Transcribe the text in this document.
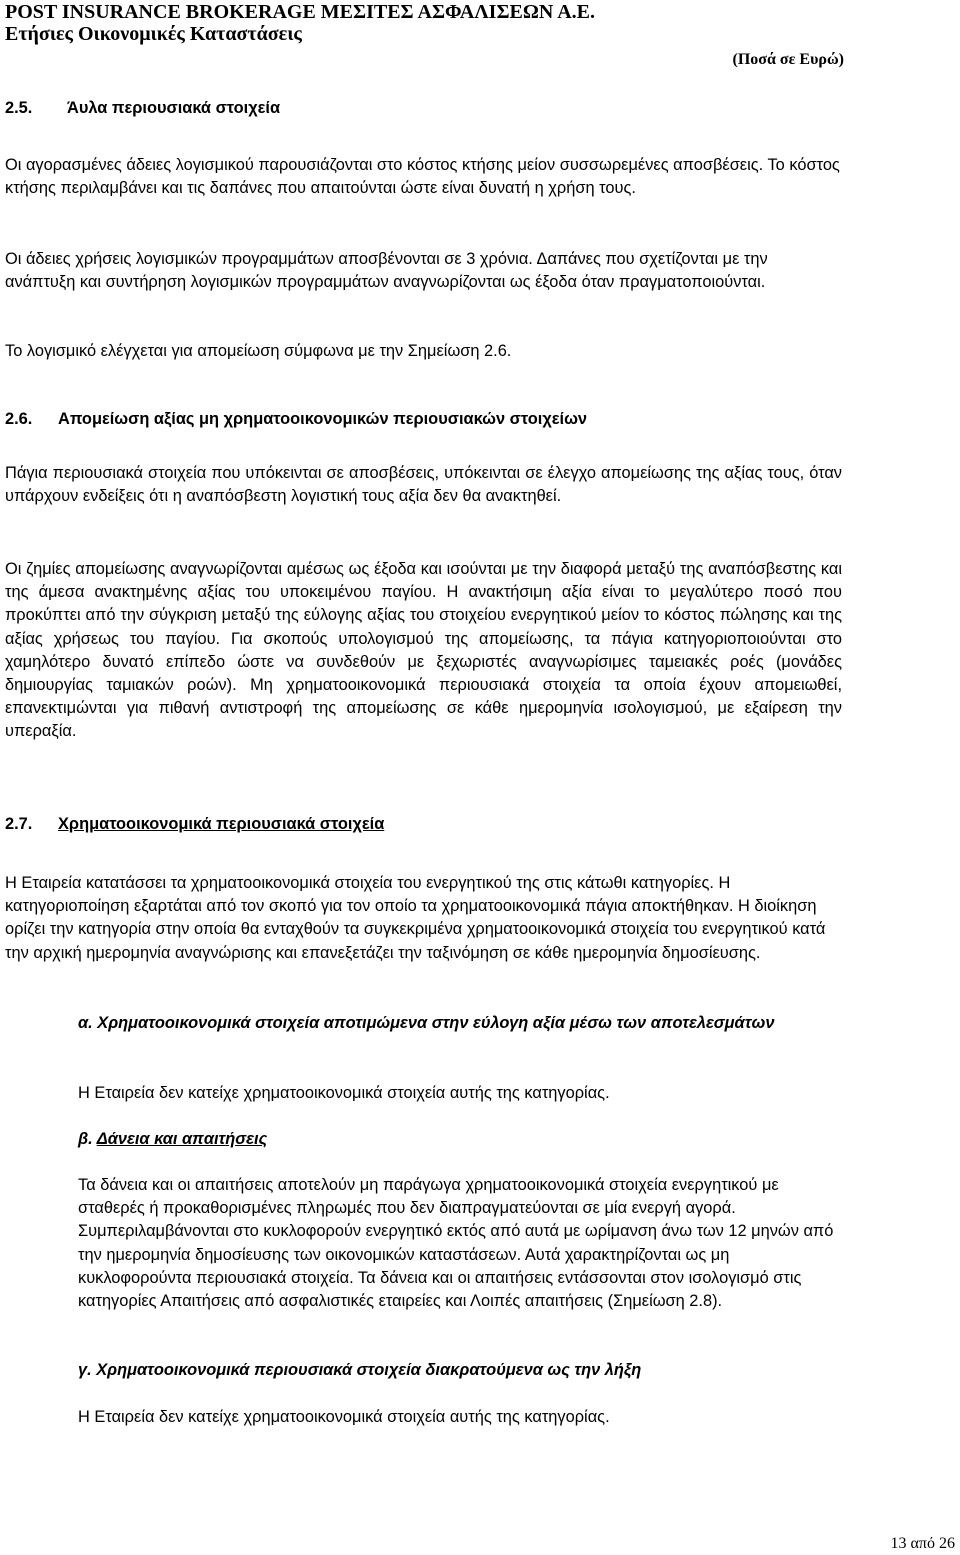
POST INSURANCE BROKERAGE ΜΕΣΙΤΕΣ ΑΣΦΑΛΙΣΕΩΝ Α.Ε.
Ετήσιες Οικονομικές Καταστάσεις
(Ποσά σε Ευρώ)
2.5. Άυλα περιουσιακά στοιχεία
Οι αγορασμένες άδειες λογισμικού παρουσιάζονται στο κόστος κτήσης μείον συσσωρεμένες αποσβέσεις. Το κόστος κτήσης περιλαμβάνει και τις δαπάνες που απαιτούνται ώστε είναι δυνατή η χρήση τους.
Οι άδειες χρήσεις λογισμικών προγραμμάτων αποσβένονται σε 3 χρόνια. Δαπάνες που σχετίζονται με την ανάπτυξη και συντήρηση λογισμικών προγραμμάτων αναγνωρίζονται ως έξοδα όταν πραγματοποιούνται.
Το λογισμικό ελέγχεται για απομείωση σύμφωνα με την Σημείωση 2.6.
2.6. Απομείωση αξίας μη χρηματοοικονομικών περιουσιακών στοιχείων
Πάγια περιουσιακά στοιχεία που υπόκεινται σε αποσβέσεις, υπόκεινται σε έλεγχο απομείωσης της αξίας τους, όταν υπάρχουν ενδείξεις ότι η αναπόσβεστη λογιστική τους αξία δεν θα ανακτηθεί.
Οι ζημίες απομείωσης αναγνωρίζονται αμέσως ως έξοδα και ισούνται με την διαφορά μεταξύ της αναπόσβεστης και της άμεσα ανακτημένης αξίας του υποκειμένου παγίου. Η ανακτήσιμη αξία είναι το μεγαλύτερο ποσό που προκύπτει από την σύγκριση μεταξύ της εύλογης αξίας του στοιχείου ενεργητικού μείον το κόστος πώλησης και της αξίας χρήσεως του παγίου. Για σκοπούς υπολογισμού της απομείωσης, τα πάγια κατηγοριοποιούνται στο χαμηλότερο δυνατό επίπεδο ώστε να συνδεθούν με ξεχωριστές αναγνωρίσιμες ταμειακές ροές (μονάδες δημιουργίας ταμιακών ροών). Μη χρηματοοικονομικά περιουσιακά στοιχεία τα οποία έχουν απομειωθεί, επανεκτιμώνται για πιθανή αντιστροφή της απομείωσης σε κάθε ημερομηνία ισολογισμού, με εξαίρεση την υπεραξία.
2.7. Χρηματοοικονομικά περιουσιακά στοιχεία
Η Εταιρεία κατατάσσει τα χρηματοοικονομικά στοιχεία του ενεργητικού της στις κάτωθι κατηγορίες. Η κατηγοριοποίηση εξαρτάται από τον σκοπό για τον οποίο τα χρηματοοικονομικά πάγια αποκτήθηκαν. Η διοίκηση ορίζει την κατηγορία στην οποία θα ενταχθούν τα συγκεκριμένα χρηματοοικονομικά στοιχεία του ενεργητικού κατά την αρχική ημερομηνία αναγνώρισης και επανεξετάζει την ταξινόμηση σε κάθε ημερομηνία δημοσίευσης.
α. Χρηματοοικονομικά στοιχεία αποτιμώμενα στην εύλογη αξία μέσω των αποτελεσμάτων
Η Εταιρεία δεν κατείχε χρηματοοικονομικά στοιχεία αυτής της κατηγορίας.
β. Δάνεια και απαιτήσεις
Τα δάνεια και οι απαιτήσεις αποτελούν μη παράγωγα χρηματοοικονομικά στοιχεία ενεργητικού με σταθερές ή προκαθορισμένες πληρωμές που δεν διαπραγματεύονται σε μία ενεργή αγορά. Συμπεριλαμβάνονται στο κυκλοφορούν ενεργητικό εκτός από αυτά με ωρίμανση άνω των 12 μηνών από την ημερομηνία δημοσίευσης των οικονομικών καταστάσεων. Αυτά χαρακτηρίζονται ως μη κυκλοφορούντα περιουσιακά στοιχεία. Τα δάνεια και οι απαιτήσεις εντάσσονται στον ισολογισμό στις κατηγορίες Απαιτήσεις από ασφαλιστικές εταιρείες και Λοιπές απαιτήσεις (Σημείωση 2.8).
γ. Χρηματοοικονομικά περιουσιακά στοιχεία διακρατούμενα ως την λήξη
Η Εταιρεία δεν κατείχε χρηματοοικονομικά στοιχεία αυτής της κατηγορίας.
13 από 26
